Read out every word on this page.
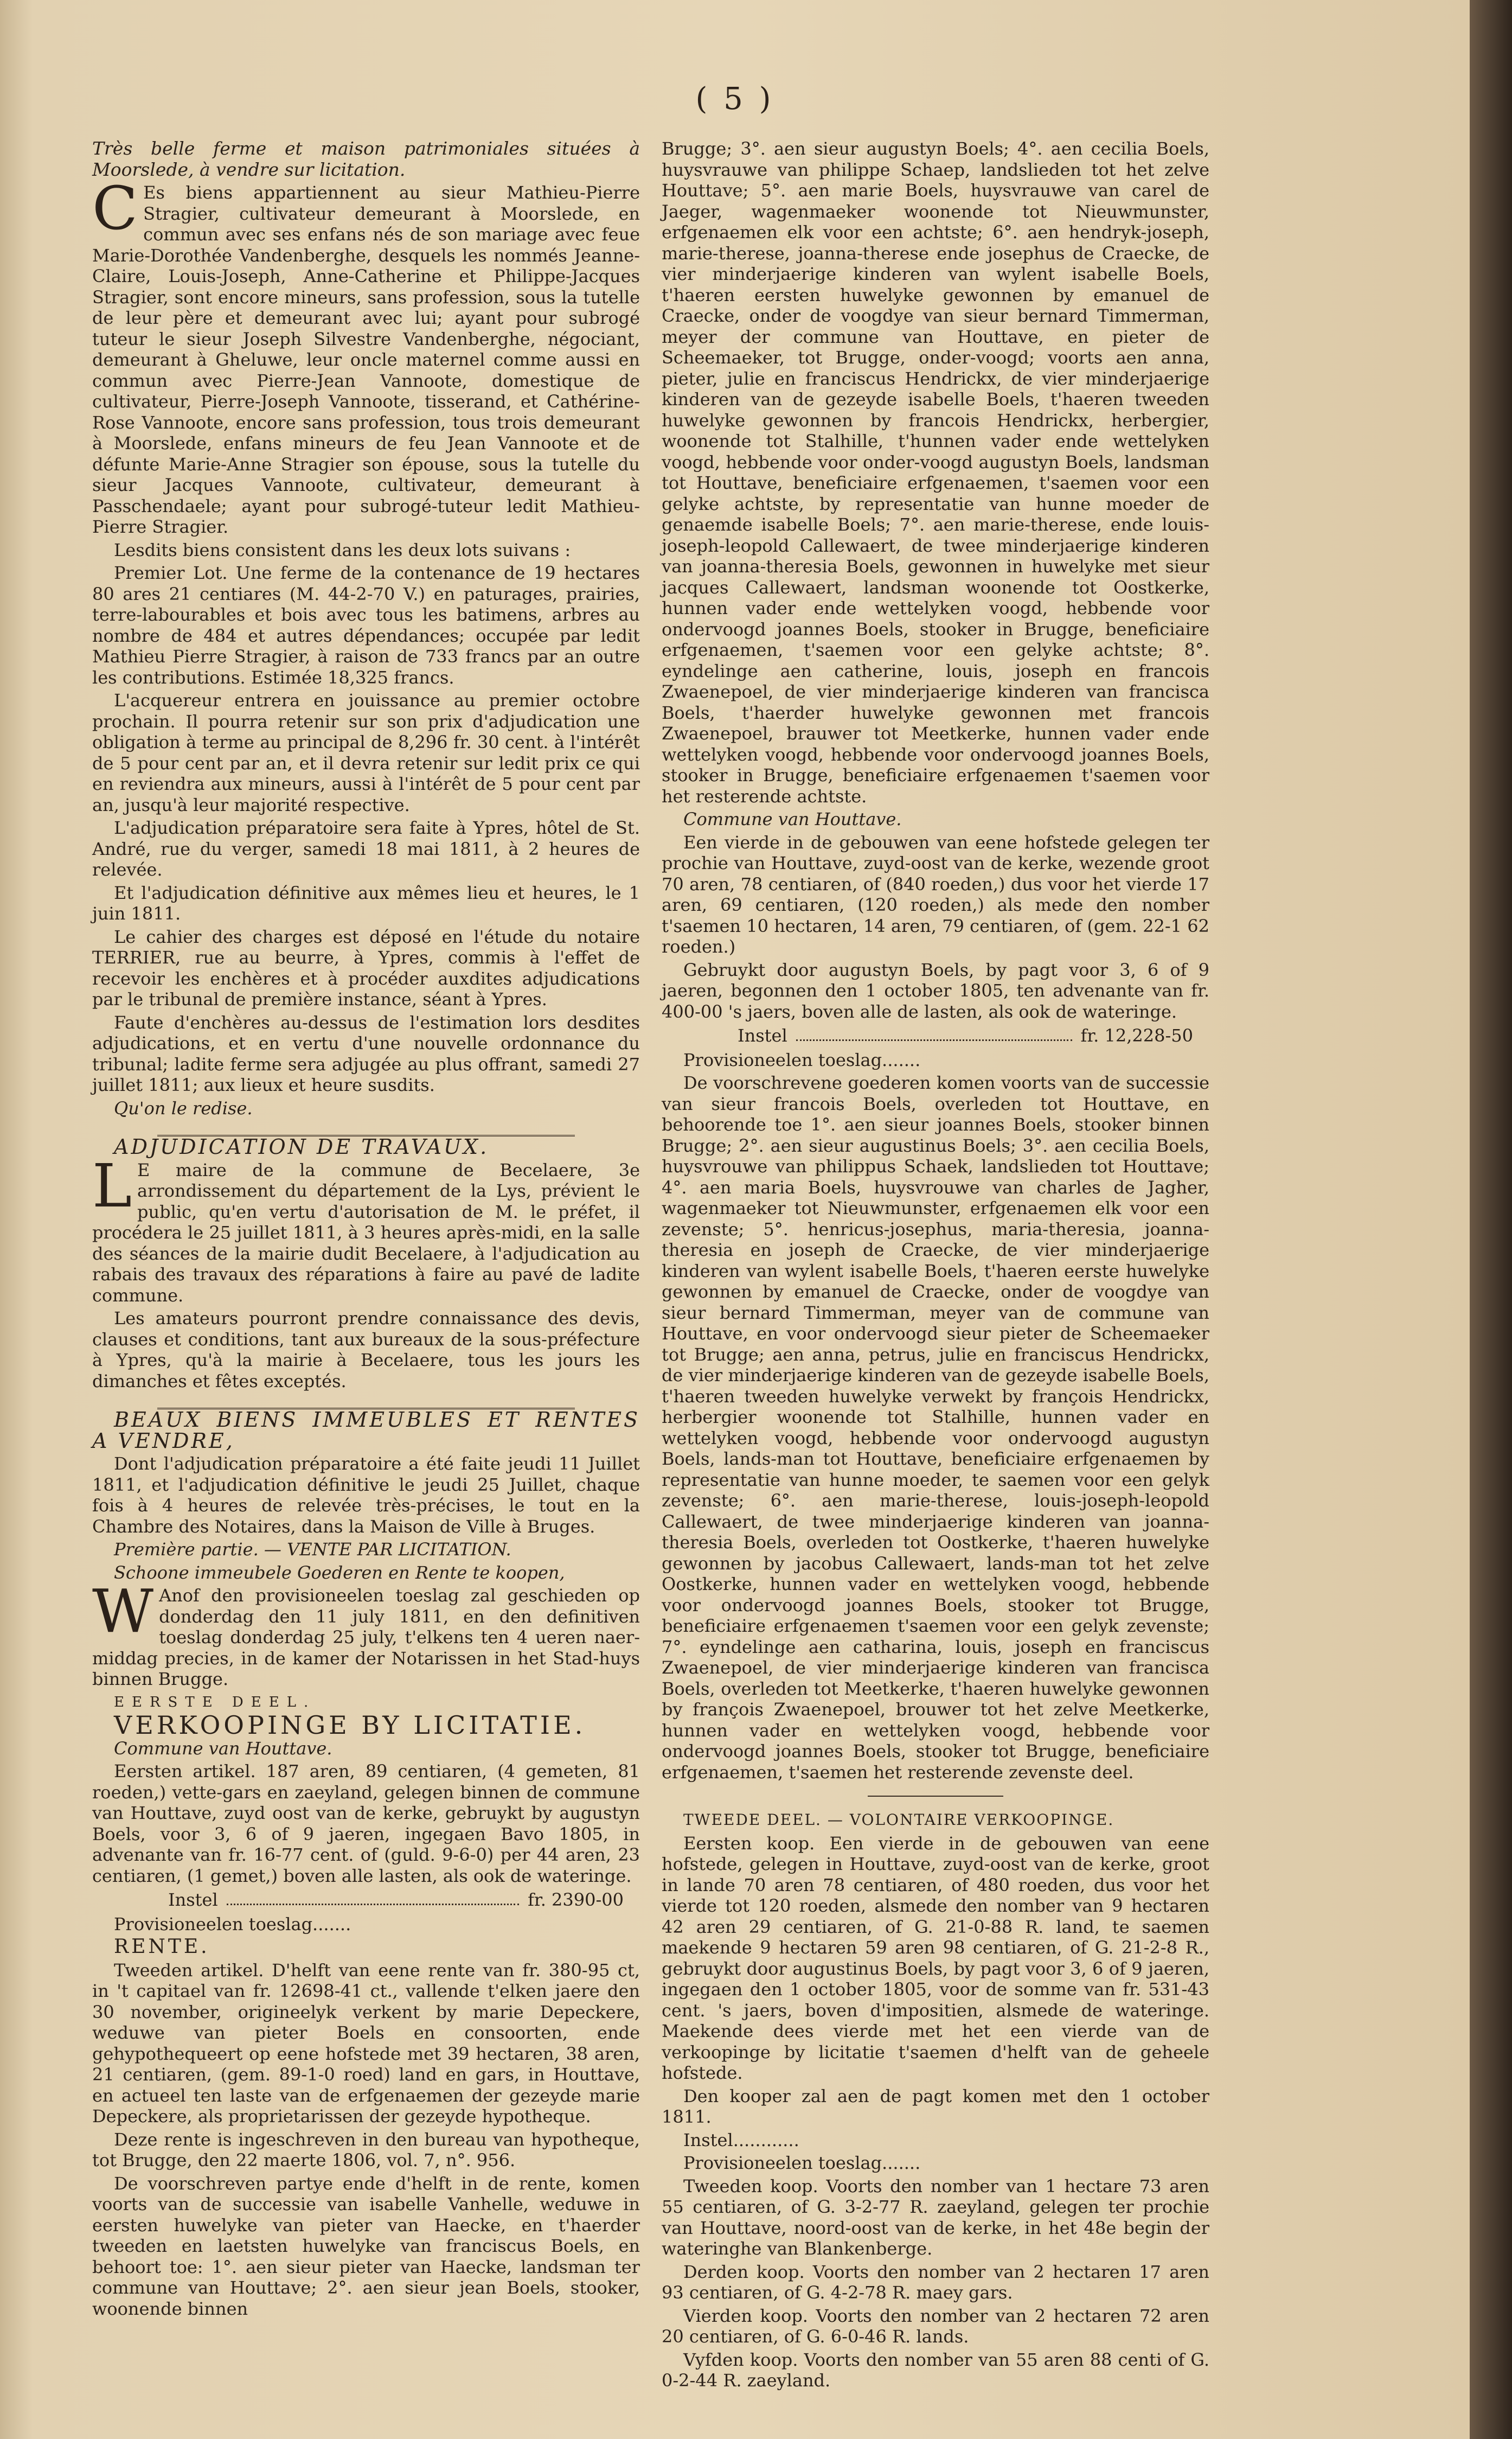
( 5 )

Très belle ferme et maison patrimoniales situées à Moorslede, à vendre sur licitation.

C Es biens appartiennent au sieur Mathieu-Pierre Stragier, cultivateur demeurant à Moorslede, en commun avec ses enfans nés de son mariage avec feue Marie-Dorothée Vandenberghe, desquels les nommés Jeanne-Claire, Louis-Joseph, Anne-Catherine et Philippe-Jacques Stragier, sont encore mineurs, sans profession, sous la tutelle de leur père et demeurant avec lui; ayant pour subrogé tuteur le sieur Joseph Silvestre Vandenberghe, négociant, demeurant à Gheluwe, leur oncle maternel comme aussi en commun avec Pierre-Jean Vannoote, domestique de cultivateur, Pierre-Joseph Vannoote, tisserand, et Cathérine-Rose Vannoote, encore sans profession, tous trois demeurant à Moorslede, enfans mineurs de feu Jean Vannoote et de défunte Marie-Anne Stragier son épouse, sous la tutelle du sieur Jacques Vannoote, cultivateur, demeurant à Passchendaele; ayant pour subrogé-tuteur ledit Mathieu-Pierre Stragier.

Lesdits biens consistent dans les deux lots suivans :

Premier Lot. Une ferme de la contenance de 19 hectares 80 ares 21 centiares (M. 44-2-70 V.) en paturages, prairies, terre-labourables et bois avec tous les batimens, arbres au nombre de 484 et autres dépendances; occupée par ledit Mathieu Pierre Stragier, à raison de 733 francs par an outre les contributions. Estimée 18,325 francs.

L'acquereur entrera en jouissance au premier octobre prochain. Il pourra retenir sur son prix d'adjudication une obligation à terme au principal de 8,296 fr. 30 cent. à l'intérêt de 5 pour cent par an, et il devra retenir sur ledit prix ce qui en reviendra aux mineurs, aussi à l'intérêt de 5 pour cent par an, jusqu'à leur majorité respective.

L'adjudication préparatoire sera faite à Ypres, hôtel de St. André, rue du verger, samedi 18 mai 1811, à 2 heures de relevée.

Et l'adjudication définitive aux mêmes lieu et heures, le 1 juin 1811.

Le cahier des charges est déposé en l'étude du notaire TERRIER, rue au beurre, à Ypres, commis à l'effet de recevoir les enchères et à procéder auxdites adjudications par le tribunal de première instance, séant à Ypres.

Faute d'enchères au-dessus de l'estimation lors desdites adjudications, et en vertu d'une nouvelle ordonnance du tribunal; ladite ferme sera adjugée au plus offrant, samedi 27 juillet 1811; aux lieux et heure susdits.

Qu'on le redise.

ADJUDICATION DE TRAVAUX.

L E maire de la commune de Becelaere, 3e arrondissement du département de la Lys, prévient le public, qu'en vertu d'autorisation de M. le préfet, il procédera le 25 juillet 1811, à 3 heures après-midi, en la salle des séances de la mairie dudit Becelaere, à l'adjudication au rabais des travaux des réparations à faire au pavé de ladite commune.

Les amateurs pourront prendre connaissance des devis, clauses et conditions, tant aux bureaux de la sous-préfecture à Ypres, qu'à la mairie à Becelaere, tous les jours les dimanches et fêtes exceptés.

BEAUX BIENS IMMEUBLES ET RENTES A VENDRE,

Dont l'adjudication préparatoire a été faite jeudi 11 Juillet 1811, et l'adjudication définitive le jeudi 25 Juillet, chaque fois à 4 heures de relevée très-précises, le tout en la Chambre des Notaires, dans la Maison de Ville à Bruges.

Première partie. — VENTE PAR LICITATION.

Schoone immeubele Goederen en Rente te koopen,

W Anof den provisioneelen toeslag zal geschieden op donderdag den 11 july 1811, en den definitiven toeslag donderdag 25 july, t'elkens ten 4 ueren naer-middag precies, in de kamer der Notarissen in het Stad-huys binnen Brugge.

EERSTE DEEL.

VERKOOPINGE BY LICITATIE.

Commune van Houttave.

Eersten artikel. 187 aren, 89 centiaren, (4 gemeten, 81 roeden,) vette-gars en zaeyland, gelegen binnen de commune van Houttave, zuyd oost van de kerke, gebruykt by augustyn Boels, voor 3, 6 of 9 jaeren, ingegaen Bavo 1805, in advenante van fr. 16-77 cent. of (guld. 9-6-0) per 44 aren, 23 centiaren, (1 gemet,) boven alle lasten, als ook de wateringe.

Instel	fr. 2390-00

Provisioneelen toeslag.......

RENTE.

Tweeden artikel. D'helft van eene rente van fr. 380-95 ct, in 't capitael van fr. 12698-41 ct., vallende t'elken jaere den 30 november, origineelyk verkent by marie Depeckere, weduwe van pieter Boels en consoorten, ende gehypothequeert op eene hofstede met 39 hectaren, 38 aren, 21 centiaren, (gem. 89-1-0 roed) land en gars, in Houttave, en actueel ten laste van de erfgenaemen der gezeyde marie Depeckere, als proprietarissen der gezeyde hypotheque.

Deze rente is ingeschreven in den bureau van hypotheque, tot Brugge, den 22 maerte 1806, vol. 7, n°. 956.

De voorschreven partye ende d'helft in de rente, komen voorts van de successie van isabelle Vanhelle, weduwe in eersten huwelyke van pieter van Haecke, en t'haerder tweeden en laetsten huwelyke van franciscus Boels, en behoort toe: 1°. aen sieur pieter van Haecke, landsman ter commune van Houttave; 2°. aen sieur jean Boels, stooker, woonende binnen

Brugge; 3°. aen sieur augustyn Boels; 4°. aen cecilia Boels, huysvrauwe van philippe Schaep, landslieden tot het zelve Houttave; 5°. aen marie Boels, huysvrauwe van carel de Jaeger, wagenmaeker woonende tot Nieuwmunster, erfgenaemen elk voor een achtste; 6°. aen hendryk-joseph, marie-therese, joanna-therese ende josephus de Craecke, de vier minderjaerige kinderen van wylent isabelle Boels, t'haeren eersten huwelyke gewonnen by emanuel de Craecke, onder de voogdye van sieur bernard Timmerman, meyer der commune van Houttave, en pieter de Scheemaeker, tot Brugge, onder-voogd; voorts aen anna, pieter, julie en franciscus Hendrickx, de vier minderjaerige kinderen van de gezeyde isabelle Boels, t'haeren tweeden huwelyke gewonnen by francois Hendrickx, herbergier, woonende tot Stalhille, t'hunnen vader ende wettelyken voogd, hebbende voor onder-voogd augustyn Boels, landsman tot Houttave, beneficiaire erfgenaemen, t'saemen voor een gelyke achtste, by representatie van hunne moeder de genaemde isabelle Boels; 7°. aen marie-therese, ende louis-joseph-leopold Callewaert, de twee minderjaerige kinderen van joanna-theresia Boels, gewonnen in huwelyke met sieur jacques Callewaert, landsman woonende tot Oostkerke, hunnen vader ende wettelyken voogd, hebbende voor ondervoogd joannes Boels, stooker in Brugge, beneficiaire erfgenaemen, t'saemen voor een gelyke achtste; 8°. eyndelinge aen catherine, louis, joseph en francois Zwaenepoel, de vier minderjaerige kinderen van francisca Boels, t'haerder huwelyke gewonnen met francois Zwaenepoel, brauwer tot Meetkerke, hunnen vader ende wettelyken voogd, hebbende voor ondervoogd joannes Boels, stooker in Brugge, beneficiaire erfgenaemen t'saemen voor het resterende achtste.

Commune van Houttave.

Een vierde in de gebouwen van eene hofstede gelegen ter prochie van Houttave, zuyd-oost van de kerke, wezende groot 70 aren, 78 centiaren, of (840 roeden,) dus voor het vierde 17 aren, 69 centiaren, (120 roeden,) als mede den nomber t'saemen 10 hectaren, 14 aren, 79 centiaren, of (gem. 22-1 62 roeden.)

Gebruykt door augustyn Boels, by pagt voor 3, 6 of 9 jaeren, begonnen den 1 october 1805, ten advenante van fr. 400-00 's jaers, boven alle de lasten, als ook de wateringe.

Instel	fr. 12,228-50

Provisioneelen toeslag.......

De voorschrevene goederen komen voorts van de successie van sieur francois Boels, overleden tot Houttave, en behoorende toe 1°. aen sieur joannes Boels, stooker binnen Brugge; 2°. aen sieur augustinus Boels; 3°. aen cecilia Boels, huysvrouwe van philippus Schaek, landslieden tot Houttave; 4°. aen maria Boels, huysvrouwe van charles de Jagher, wagenmaeker tot Nieuwmunster, erfgenaemen elk voor een zevenste; 5°. henricus-josephus, maria-theresia, joanna-theresia en joseph de Craecke, de vier minderjaerige kinderen van wylent isabelle Boels, t'haeren eerste huwelyke gewonnen by emanuel de Craecke, onder de voogdye van sieur bernard Timmerman, meyer van de commune van Houttave, en voor ondervoogd sieur pieter de Scheemaeker tot Brugge; aen anna, petrus, julie en franciscus Hendrickx, de vier minderjaerige kinderen van de gezeyde isabelle Boels, t'haeren tweeden huwelyke verwekt by françois Hendrickx, herbergier woonende tot Stalhille, hunnen vader en wettelyken voogd, hebbende voor ondervoogd augustyn Boels, lands-man tot Houttave, beneficiaire erfgenaemen by representatie van hunne moeder, te saemen voor een gelyk zevenste; 6°. aen marie-therese, louis-joseph-leopold Callewaert, de twee minderjaerige kinderen van joanna-theresia Boels, overleden tot Oostkerke, t'haeren huwelyke gewonnen by jacobus Callewaert, lands-man tot het zelve Oostkerke, hunnen vader en wettelyken voogd, hebbende voor ondervoogd joannes Boels, stooker tot Brugge, beneficiaire erfgenaemen t'saemen voor een gelyk zevenste; 7°. eyndelinge aen catharina, louis, joseph en franciscus Zwaenepoel, de vier minderjaerige kinderen van francisca Boels, overleden tot Meetkerke, t'haeren huwelyke gewonnen by françois Zwaenepoel, brouwer tot het zelve Meetkerke, hunnen vader en wettelyken voogd, hebbende voor ondervoogd joannes Boels, stooker tot Brugge, beneficiaire erfgenaemen, t'saemen het resterende zevenste deel.

TWEEDE DEEL. — VOLONTAIRE VERKOOPINGE.

Eersten koop. Een vierde in de gebouwen van eene hofstede, gelegen in Houttave, zuyd-oost van de kerke, groot in lande 70 aren 78 centiaren, of 480 roeden, dus voor het vierde tot 120 roeden, alsmede den nomber van 9 hectaren 42 aren 29 centiaren, of G. 21-0-88 R. land, te saemen maekende 9 hectaren 59 aren 98 centiaren, of G. 21-2-8 R., gebruykt door augustinus Boels, by pagt voor 3, 6 of 9 jaeren, ingegaen den 1 october 1805, voor de somme van fr. 531-43 cent. 's jaers, boven d'impositien, alsmede de wateringe. Maekende dees vierde met het een vierde van de verkoopinge by licitatie t'saemen d'helft van de geheele hofstede.

Den kooper zal aen de pagt komen met den 1 october 1811.

Instel............

Provisioneelen toeslag.......

Tweeden koop. Voorts den nomber van 1 hectare 73 aren 55 centiaren, of G. 3-2-77 R. zaeyland, gelegen ter prochie van Houttave, noord-oost van de kerke, in het 48e begin der wateringhe van Blankenberge.

Derden koop. Voorts den nomber van 2 hectaren 17 aren 93 centiaren, of G. 4-2-78 R. maey gars.

Vierden koop. Voorts den nomber van 2 hectaren 72 aren 20 centiaren, of G. 6-0-46 R. lands.

Vyfden koop. Voorts den nomber van 55 aren 88 centi of G. 0-2-44 R. zaeyland.
